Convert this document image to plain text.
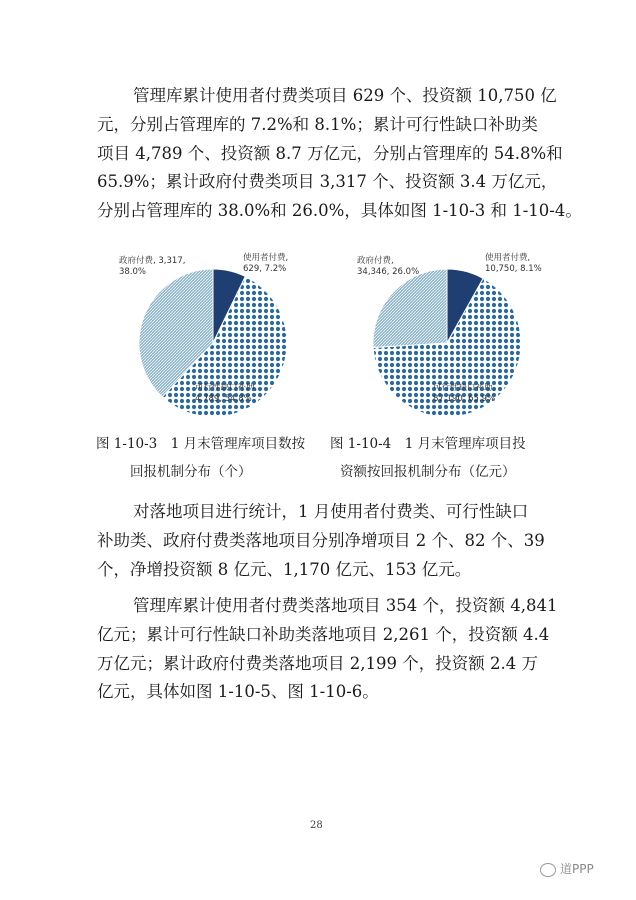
管理库累计使用者付费类项目 629 个、投资额 10,750 亿
元，分别占管理库的 7.2%和 8.1%；累计可行性缺口补助类
项目 4,789 个、投资额 8.7 万亿元，分别占管理库的 54.8%和
65.9%；累计政府付费类项目 3,317 个、投资额 3.4 万亿元，
分别占管理库的 38.0%和 26.0%，具体如图 1-10-3 和 1-10-4。
使用者付费, 629, 7.2%
可行性缺口补助, 4,789, 54.8%
政府付费, 3,317, 38.0%
使用者付费, 10,750, 8.1%
可行性缺口补助, 87,190, 65.9%
政府付费, 34,346, 26.0%
图 1-10-3　1 月末管理库项目数按
回报机制分布（个）
图 1-10-4　1 月末管理库项目投
资额按回报机制分布（亿元）
对落地项目进行统计，1 月使用者付费类、可行性缺口
补助类、政府付费类落地项目分别净增项目 2 个、82 个、39
个，净增投资额 8 亿元、1,170 亿元、153 亿元。
管理库累计使用者付费类落地项目 354 个，投资额 4,841
亿元；累计可行性缺口补助类落地项目 2,261 个，投资额 4.4
万亿元；累计政府付费类落地项目 2,199 个，投资额 2.4 万
亿元，具体如图 1-10-5、图 1-10-6。
28
道PPP
